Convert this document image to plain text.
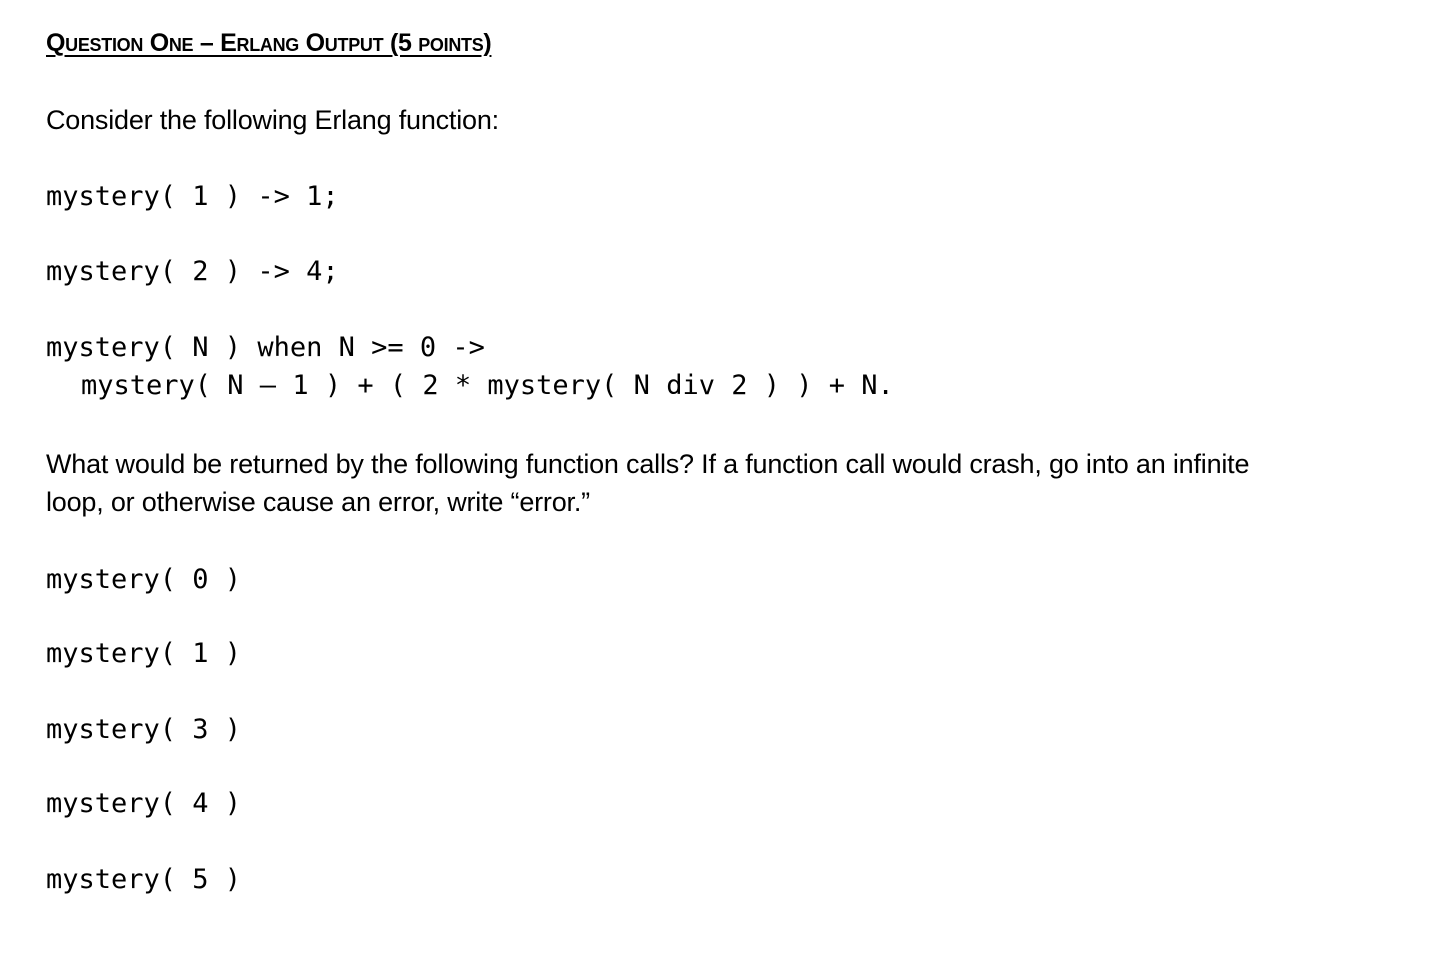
Question One – Erlang Output (5 points)
Consider the following Erlang function:
mystery( 1 ) -> 1;
mystery( 2 ) -> 4;
mystery( N ) when N >= 0 ->
mystery( N – 1 ) + ( 2 * mystery( N div 2 ) ) + N.
What would be returned by the following function calls? If a function call would crash, go into an infinite
loop, or otherwise cause an error, write “error.”
mystery( 0 )
mystery( 1 )
mystery( 3 )
mystery( 4 )
mystery( 5 )
